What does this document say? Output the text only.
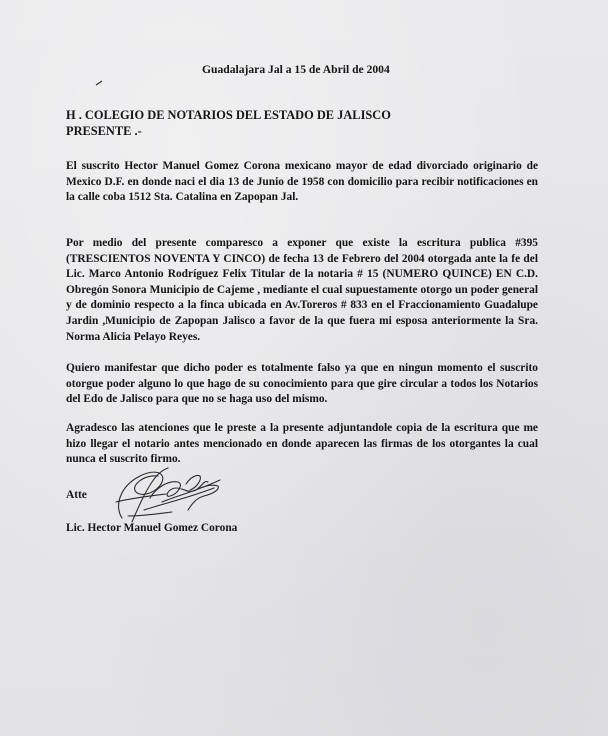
Guadalajara Jal a 15 de Abril de 2004

H . COLEGIO DE NOTARIOS DEL ESTADO DE JALISCO
PRESENTE .-

El suscrito Hector Manuel Gomez Corona mexicano mayor de edad divorciado originario de Mexico D.F. en donde naci el dia 13 de Junio de 1958 con domicilio para recibir notificaciones en la calle coba 1512 Sta. Catalina en Zapopan Jal.

Por medio del presente comparesco a exponer que existe la escritura publica #395 (TRESCIENTOS NOVENTA Y CINCO) de fecha 13 de Febrero del 2004 otorgada ante la fe del Lic. Marco Antonio Rodríguez Felix Titular de la notaria # 15 (NUMERO QUINCE) EN C.D. Obregón Sonora Municipio de Cajeme , mediante el cual supuestamente otorgo un poder general y de dominio respecto a la finca ubicada en Av.Toreros # 833 en el Fraccionamiento Guadalupe Jardin ,Municipio de Zapopan Jalisco a favor de la que fuera mi esposa anteriormente la Sra. Norma Alicia Pelayo Reyes.

Quiero manifestar que dicho poder es totalmente falso ya que en ningun momento el suscrito otorgue poder alguno lo que hago de su conocimiento para que gire circular a todos los Notarios del Edo de Jalisco para que no se haga uso del mismo.

Agradesco las atenciones que le preste a la presente adjuntandole copia de la escritura que me hizo llegar el notario antes mencionado en donde aparecen las firmas de los otorgantes la cual nunca el suscrito firmo.

Atte

Lic. Hector Manuel Gomez Corona
